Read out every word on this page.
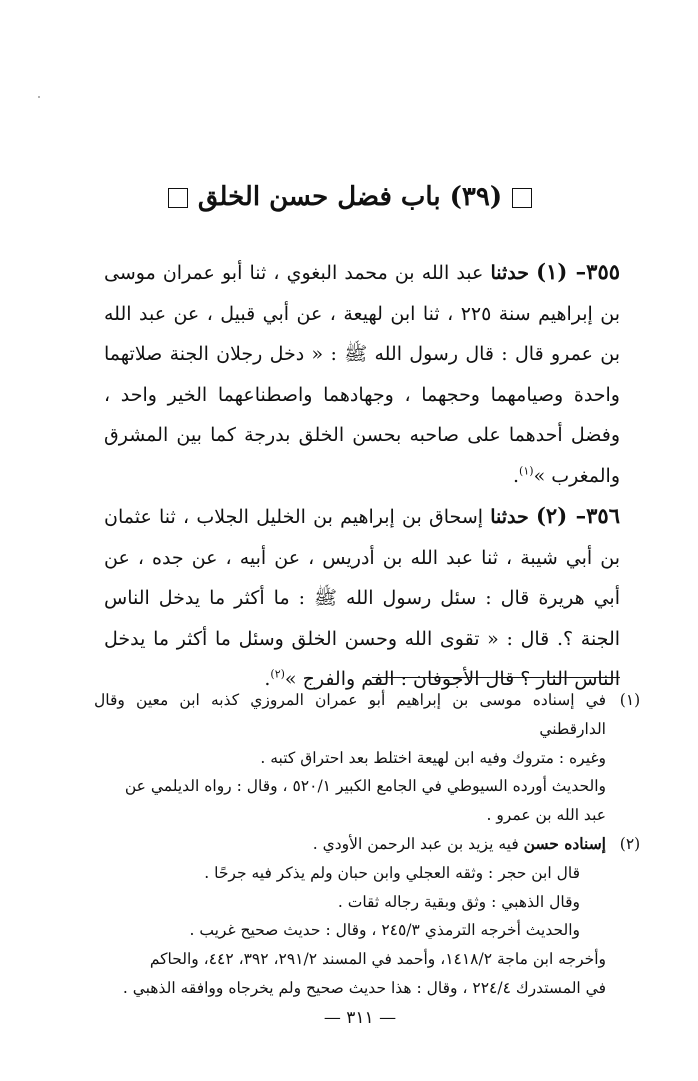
(٣٩) باب فضل حسن الخلق
٣٥٥– (١) حدثنا عبد الله بن محمد البغوي ، ثنا أبو عمران موسى بن إبراهيم سنة ٢٢٥ ، ثنا ابن لهيعة ، عن أبي قبيل ، عن عبد الله بن عمرو قال : قال رسول الله ﷺ : « دخل رجلان الجنة صلاتهما واحدة وصيامهما وحجهما ، وجهادهما واصطناعهما الخير واحد ، وفضل أحدهما على صاحبه بحسن الخلق بدرجة كما بين المشرق والمغرب »$^{(١)}$.
٣٥٦– (٢) حدثنا إسحاق بن إبراهيم بن الخليل الجلاب ، ثنا عثمان بن أبي شيبة ، ثنا عبد الله بن أدريس ، عن أبيه ، عن جده ، عن أبي هريرة قال : سئل رسول الله ﷺ : ما أكثر ما يدخل الناس الجنة ؟. قال : « تقوى الله وحسن الخلق وسئل ما أكثر ما يدخل الناس النار ؟ قال الأجوفان : الفم والفرج »$^{(٢)}$.
(١)
في إسناده موسى بن إبراهيم أبو عمران المروزي كذبه ابن معين وقال الدارقطني
وغيره : متروك وفيه ابن لهيعة اختلط بعد احتراق كتبه .
والحديث أورده السيوطي في الجامع الكبير ٥٢٠/١ ، وقال : رواه الديلمي عن
عبد الله بن عمرو .
(٢)
إسناده حسن فيه يزيد بن عبد الرحمن الأودي .
قال ابن حجر : وثقه العجلي وابن حبان ولم يذكر فيه جرحًا .
وقال الذهبي : وثق وبقية رجاله ثقات .
والحديث أخرجه الترمذي ٢٤٥/٣ ، وقال : حديث صحيح غريب .
وأخرجه ابن ماجة ١٤١٨/٢، وأحمد في المسند ٢٩١/٢، ٣٩٢، ٤٤٢، والحاكم
في المستدرك ٢٢٤/٤ ، وقال : هذا حديث صحيح ولم يخرجاه ووافقه الذهبي .
— ٣١١ —
